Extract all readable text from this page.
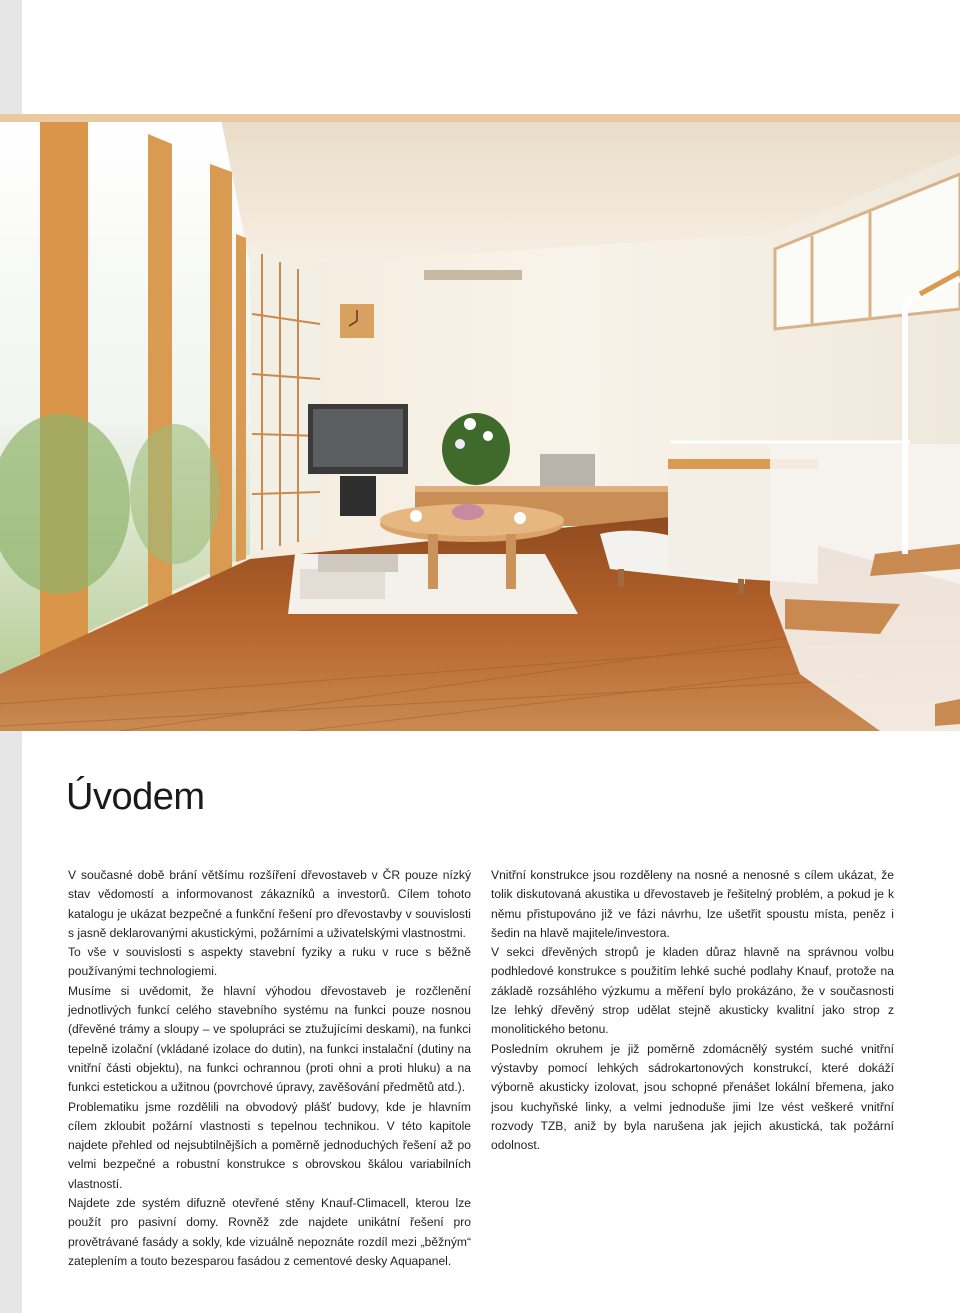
Úvodem

V současné době brání většímu rozšíření dřevostaveb v ČR pouze nízký stav vědomostí a informovanost zákazníků a investorů. Cílem tohoto katalogu je ukázat bezpečné a funkční řešení pro dřevostavby v souvislosti s jasně deklarovanými akustickými, požárními a uživatelskými vlastnostmi.

To vše v souvislosti s aspekty stavební fyziky a ruku v ruce s běžně používanými technologiemi.

Musíme si uvědomit, že hlavní výhodou dřevostaveb je rozčlenění jednotlivých funkcí celého stavebního systému na funkci pouze nosnou (dřevěné trámy a sloupy – ve spolupráci se ztužujícími deskami), na funkci tepelně izolační (vkládané izolace do dutin), na funkci instalační (dutiny na vnitřní části objektu), na funkci ochrannou (proti ohni a proti hluku) a na funkci estetickou a užitnou (povrchové úpravy, zavěšování předmětů atd.).

Problematiku jsme rozdělili na obvodový plášť budovy, kde je hlavním cílem zkloubit požární vlastnosti s tepelnou technikou. V této kapitole najdete přehled od nejsubtilnějších a poměrně jednoduchých řešení až po velmi bezpečné a robustní konstrukce s obrovskou škálou variabilních vlastností.

Najdete zde systém difuzně otevřené stěny Knauf-Climacell, kterou lze použít pro pasivní domy. Rovněž zde najdete unikátní řešení pro provětrávané fasády a sokly, kde vizuálně nepoznáte rozdíl mezi „běžným“ zateplením a touto bezesparou fasádou z cementové desky Aquapanel.

Vnitřní konstrukce jsou rozděleny na nosné a nenosné s cílem ukázat, že tolik diskutovaná akustika u dřevostaveb je řešitelný problém, a pokud je k němu přistupováno již ve fázi návrhu, lze ušetřit spoustu místa, peněz i šedin na hlavě majitele/investora.

V sekci dřevěných stropů je kladen důraz hlavně na správnou volbu podhledové konstrukce s použitím lehké suché podlahy Knauf, protože na základě rozsáhlého výzkumu a měření bylo prokázáno, že v současnosti lze lehký dřevěný strop udělat stejně akusticky kvalitní jako strop z monolitického betonu.

Posledním okruhem je již poměrně zdomácnělý systém suché vnitřní výstavby pomocí lehkých sádrokartonových konstrukcí, které dokáží výborně akusticky izolovat, jsou schopné přenášet lokální břemena, jako jsou kuchyňské linky, a velmi jednoduše jimi lze vést veškeré vnitřní rozvody TZB, aniž by byla narušena jak jejich akustická, tak požární odolnost.
